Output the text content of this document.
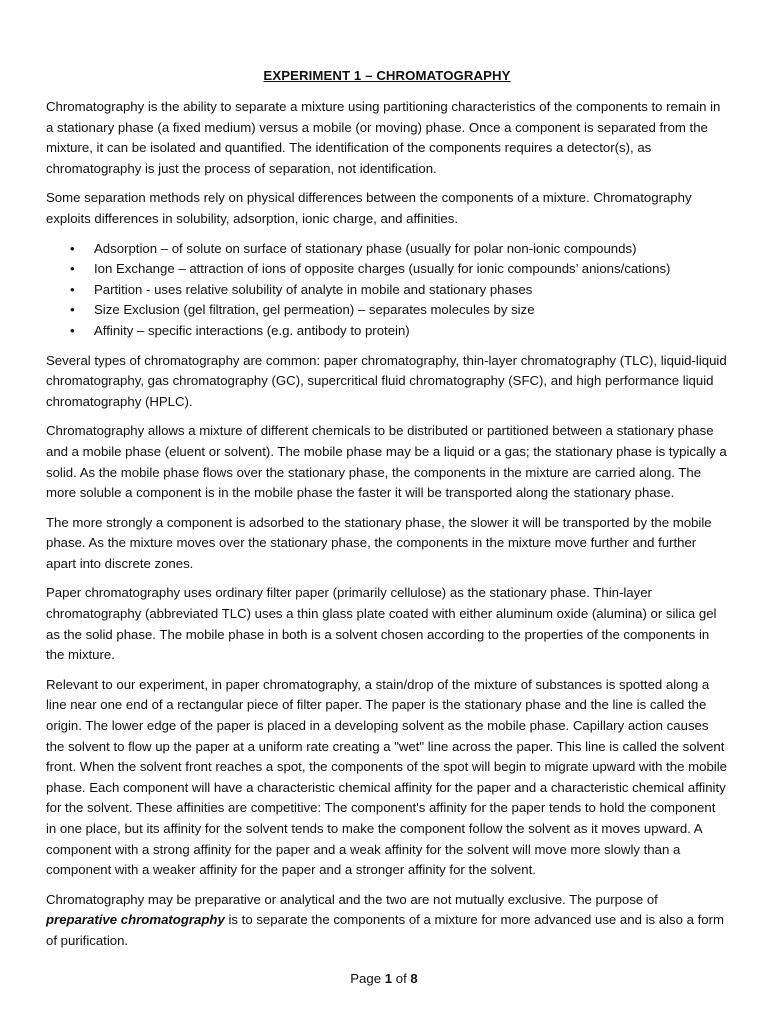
EXPERIMENT 1 – CHROMATOGRAPHY

Chromatography is the ability to separate a mixture using partitioning characteristics of the components to remain in a stationary phase (a fixed medium) versus a mobile (or moving) phase. Once a component is separated from the mixture, it can be isolated and quantified. The identification of the components requires a detector(s), as chromatography is just the process of separation, not identification.

Some separation methods rely on physical differences between the components of a mixture. Chromatography exploits differences in solubility, adsorption, ionic charge, and affinities.

• Adsorption – of solute on surface of stationary phase (usually for polar non-ionic compounds)
• Ion Exchange – attraction of ions of opposite charges (usually for ionic compounds’ anions/cations)
• Partition - uses relative solubility of analyte in mobile and stationary phases
• Size Exclusion (gel filtration, gel permeation) – separates molecules by size
• Affinity – specific interactions (e.g. antibody to protein)

Several types of chromatography are common: paper chromatography, thin-layer chromatography (TLC), liquid-liquid chromatography, gas chromatography (GC), supercritical fluid chromatography (SFC), and high performance liquid chromatography (HPLC).

Chromatography allows a mixture of different chemicals to be distributed or partitioned between a stationary phase and a mobile phase (eluent or solvent). The mobile phase may be a liquid or a gas; the stationary phase is typically a solid. As the mobile phase flows over the stationary phase, the components in the mixture are carried along. The more soluble a component is in the mobile phase the faster it will be transported along the stationary phase.

The more strongly a component is adsorbed to the stationary phase, the slower it will be transported by the mobile phase. As the mixture moves over the stationary phase, the components in the mixture move further and further apart into discrete zones.

Paper chromatography uses ordinary filter paper (primarily cellulose) as the stationary phase. Thin-layer chromatography (abbreviated TLC) uses a thin glass plate coated with either aluminum oxide (alumina) or silica gel as the solid phase. The mobile phase in both is a solvent chosen according to the properties of the components in the mixture.

Relevant to our experiment, in paper chromatography, a stain/drop of the mixture of substances is spotted along a line near one end of a rectangular piece of filter paper. The paper is the stationary phase and the line is called the origin. The lower edge of the paper is placed in a developing solvent as the mobile phase. Capillary action causes the solvent to flow up the paper at a uniform rate creating a "wet" line across the paper. This line is called the solvent front. When the solvent front reaches a spot, the components of the spot will begin to migrate upward with the mobile phase. Each component will have a characteristic chemical affinity for the paper and a characteristic chemical affinity for the solvent. These affinities are competitive: The component's affinity for the paper tends to hold the component in one place, but its affinity for the solvent tends to make the component follow the solvent as it moves upward. A component with a strong affinity for the paper and a weak affinity for the solvent will move more slowly than a component with a weaker affinity for the paper and a stronger affinity for the solvent.

Chromatography may be preparative or analytical and the two are not mutually exclusive. The purpose of preparative chromatography is to separate the components of a mixture for more advanced use and is also a form of purification.

Page 1 of 8
